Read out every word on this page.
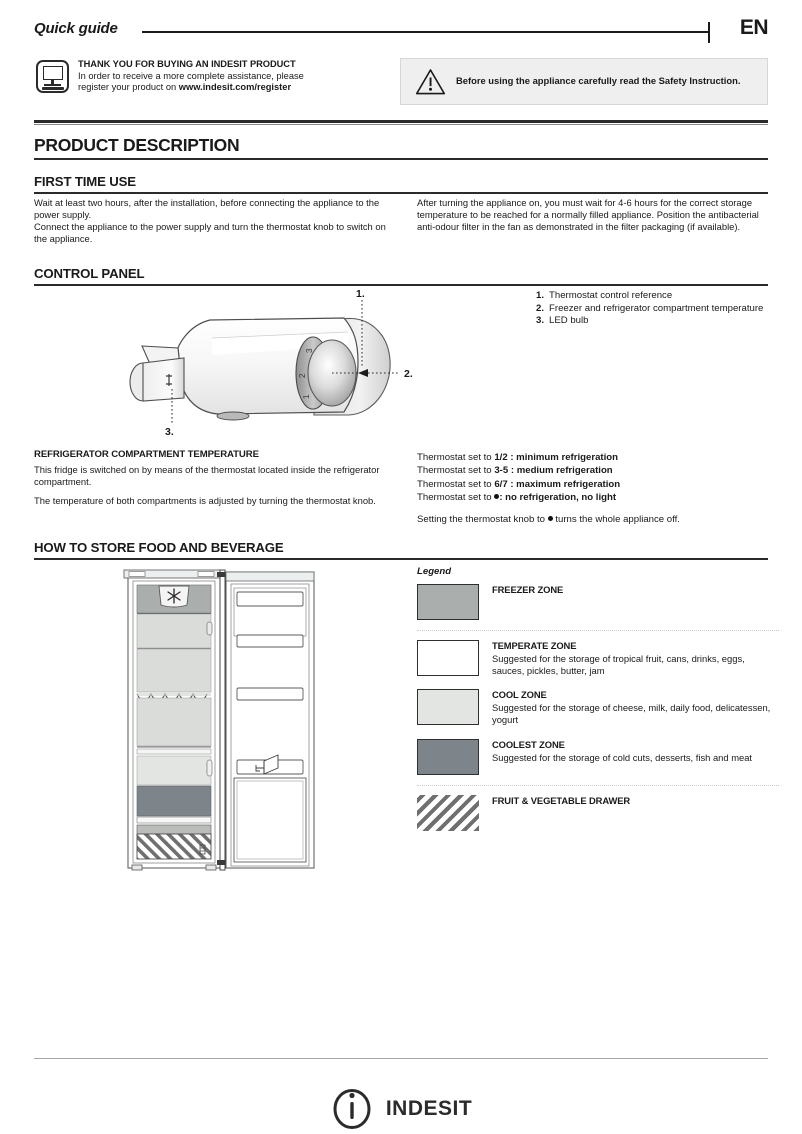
Quick guide	EN
THANK YOU FOR BUYING AN INDESIT PRODUCT
In order to receive a more complete assistance, please
register your product on www.indesit.com/register
Before using the appliance carefully read the Safety Instruction.
PRODUCT DESCRIPTION
FIRST TIME USE

Wait at least two hours, after the installation, before connecting the appliance to the power supply.

Connect the appliance to the power supply and turn the thermostat knob to switch on the appliance.

After turning the appliance on, you must wait for 4-6 hours for the correct storage temperature to be reached for a normally filled appliance. Position the antibacterial anti-odour filter in the fan as demonstrated in the filter packaging (if available).

CONTROL PANEL
3
2
1
1.
2.
3.
1. Thermostat control reference
2. Freezer and refrigerator compartment temperature
3. LED bulb
REFRIGERATOR COMPARTMENT TEMPERATURE
This fridge is switched on by means of the thermostat located inside the refrigerator compartment.
The temperature of both compartments is adjusted by turning the thermostat knob.
Thermostat set to 1/2 : minimum refrigeration
Thermostat set to 3-5 : medium refrigeration
Thermostat set to 6/7 : maximum refrigeration
Thermostat set to : no refrigeration, no light
Setting the thermostat knob to  turns the whole appliance off.
HOW TO STORE FOOD AND BEVERAGE
Legend
FREEZER ZONE
TEMPERATE ZONE
Suggested for the storage of tropical fruit, cans, drinks, eggs, sauces, pickles, butter, jam
COOL ZONE
Suggested for the storage of cheese, milk, daily food, delicatessen, yogurt
COOLEST ZONE
Suggested for the storage of cold cuts, desserts, fish and meat
FRUIT & VEGETABLE DRAWER
indesit
